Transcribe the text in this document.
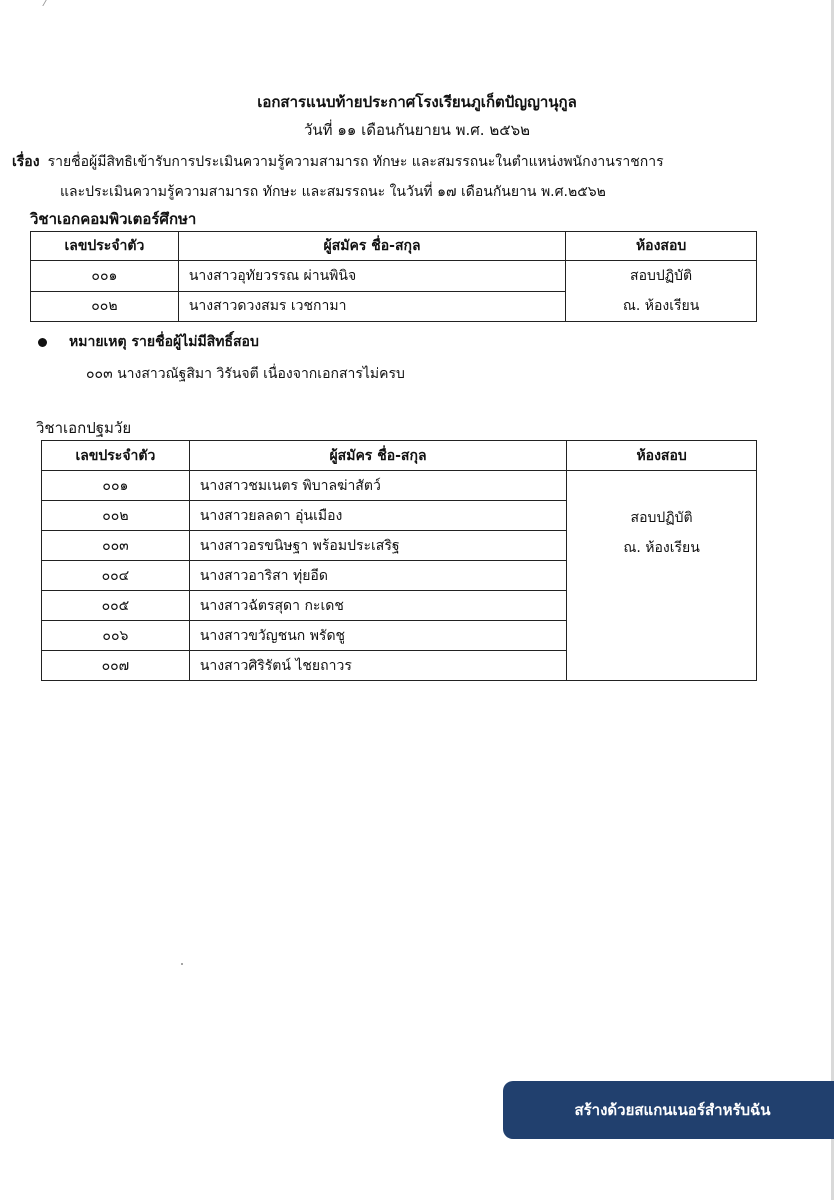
เอกสารแนบท้ายประกาศโรงเรียนภูเก็ตปัญญานุกูล
วันที่ ๑๑ เดือนกันยายน พ.ศ. ๒๕๖๒
เรื่อง รายชื่อผู้มีสิทธิเข้ารับการประเมินความรู้ความสามารถ ทักษะ และสมรรถนะในตำแหน่งพนักงานราชการ
และประเมินความรู้ความสามารถ ทักษะ และสมรรถนะ ในวันที่ ๑๗ เดือนกันยาน พ.ศ.๒๕๖๒
วิชาเอกคอมพิวเตอร์ศึกษา
เลขประจำตัว	ผู้สมัคร ชื่อ-สกุล	ห้องสอบ
๐๐๑	นางสาวอุทัยวรรณ ผ่านพินิจ	สอบปฏิบัติ
ณ. ห้องเรียน

๐๐๒	นางสาวดวงสมร เวชกามา	
หมายเหตุ รายชื่อผู้ไม่มีสิทธิ์สอบ
๐๐๓ นางสาวณัฐสิมา วิรันจตี เนื่องจากเอกสารไม่ครบ
วิชาเอกปฐมวัย
เลขประจำตัว	ผู้สมัคร ชื่อ-สกุล	ห้องสอบ
๐๐๑	นางสาวชมเนตร พิบาลฆ่าสัตว์	สอบปฏิบัติ
ณ. ห้องเรียน

๐๐๒	นางสาวยลลดา อุ่นเมือง	
๐๐๓	นางสาวอรขนิษฐา พร้อมประเสริฐ	
๐๐๔	นางสาวอาริสา ทุ่ยอีด	
๐๐๕	นางสาวฉัตรสุดา กะเดช	
๐๐๖	นางสาวขวัญชนก พรัดชู	
๐๐๗	นางสาวศิริรัตน์ ไชยถาวร	
สร้างด้วยสแกนเนอร์สำหรับฉัน
